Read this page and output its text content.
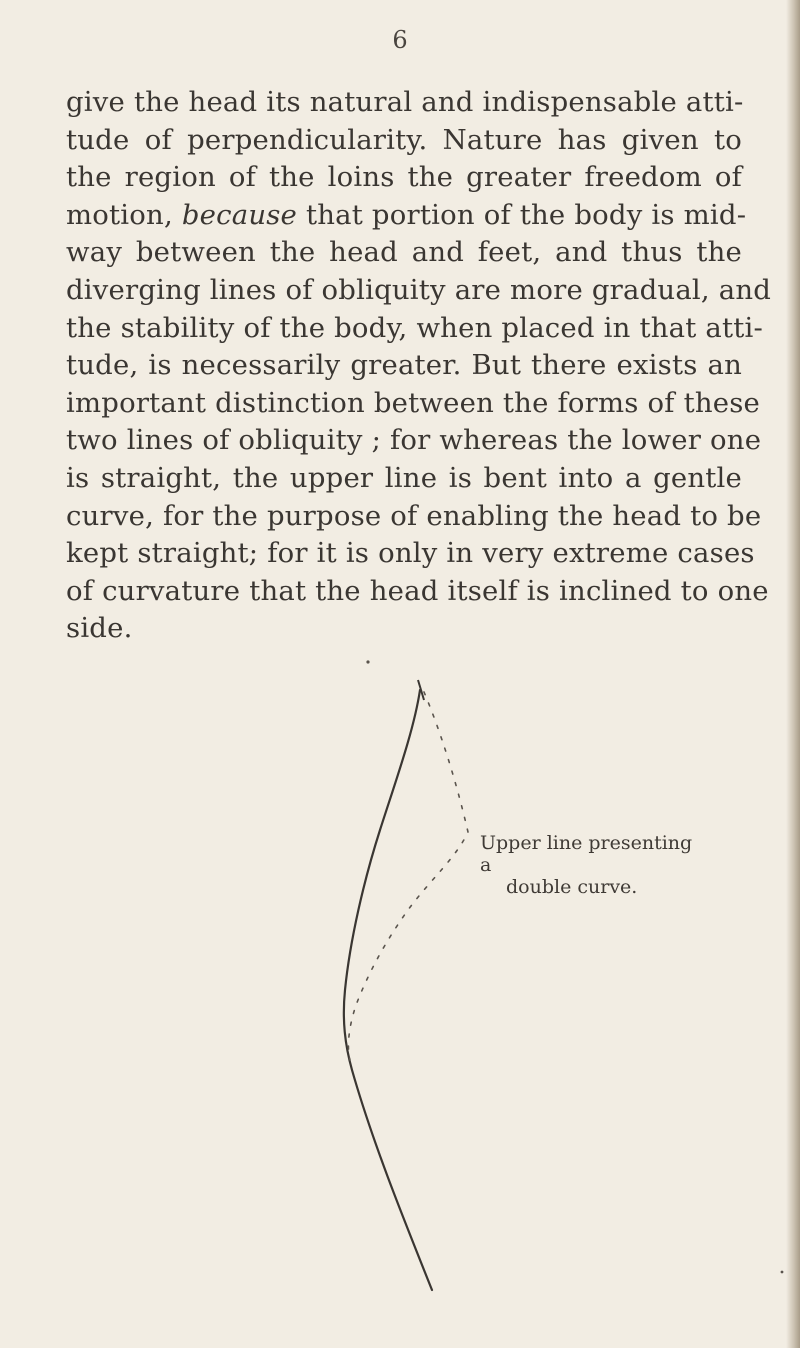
6
give the head its natural and indispensable atti-
tude of perpendicularity. Nature has given to
the region of the loins the greater freedom of
motion, because that portion of the body is mid-
way between the head and feet, and thus the
diverging lines of obliquity are more gradual, and
the stability of the body, when placed in that atti-
tude, is necessarily greater. But there exists an
important distinction between the forms of these
two lines of obliquity ; for whereas the lower one
is straight, the upper line is bent into a gentle
curve, for the purpose of enabling the head to be
kept straight; for it is only in very extreme cases
of curvature that the head itself is inclined to one
side.
Upper line presenting a
double curve.
